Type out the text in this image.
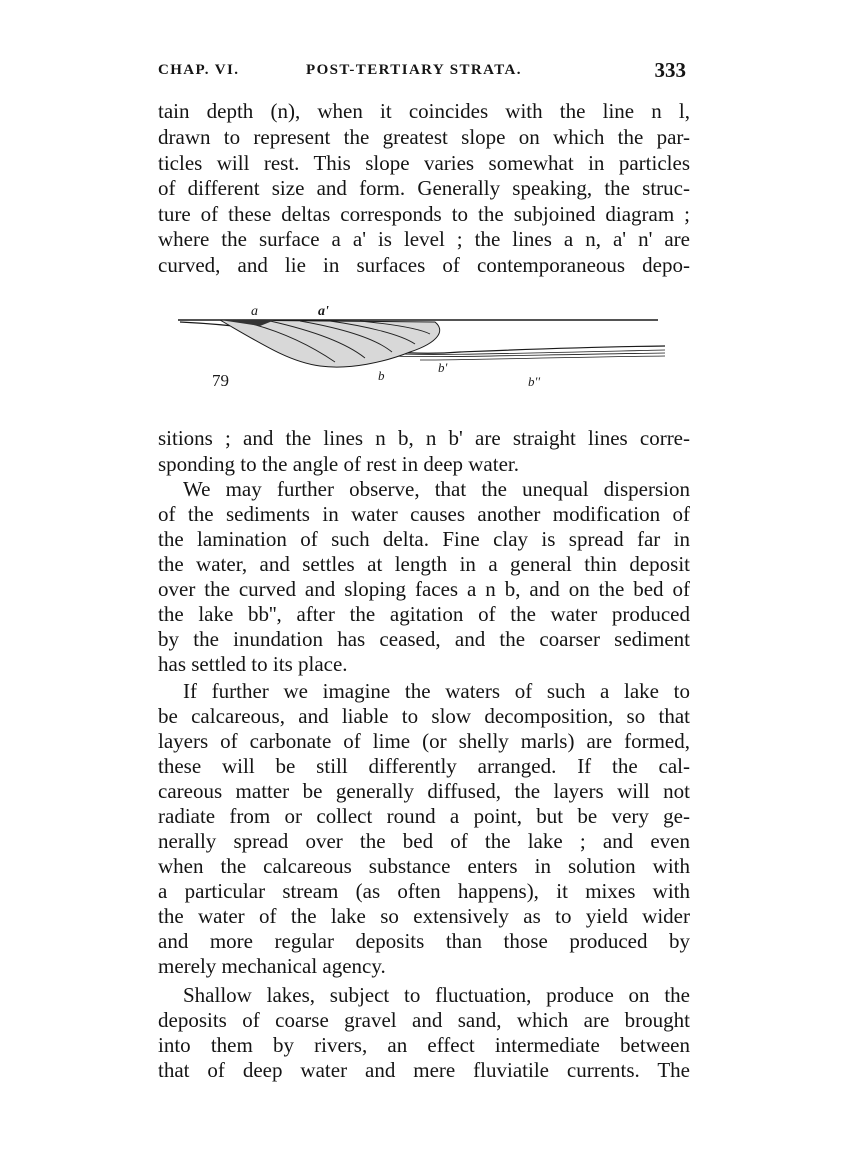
CHAP. VI.	POST-TERTIARY STRATA.	333
tain depth (n), when it coincides with the line n l,
drawn to represent the greatest slope on which the par-
ticles will rest. This slope varies somewhat in particles
of different size and form. Generally speaking, the struc-
ture of these deltas corresponds to the subjoined diagram ;
where the surface a a' is level ; the lines a n, a' n' are
curved, and lie in surfaces of contemporaneous depo-
a	a'
b
b'
b''
79
sitions ; and the lines n b, n b' are straight lines corre-
sponding to the angle of rest in deep water.
We may further observe, that the unequal dispersion
of the sediments in water causes another modification of
the lamination of such delta. Fine clay is spread far in
the water, and settles at length in a general thin deposit
over the curved and sloping faces a n b, and on the bed of
the lake bb'', after the agitation of the water produced
by the inundation has ceased, and the coarser sediment
has settled to its place.
If further we imagine the waters of such a lake to
be calcareous, and liable to slow decomposition, so that
layers of carbonate of lime (or shelly marls) are formed,
these will be still differently arranged. If the cal-
careous matter be generally diffused, the layers will not
radiate from or collect round a point, but be very ge-
nerally spread over the bed of the lake ; and even
when the calcareous substance enters in solution with
a particular stream (as often happens), it mixes with
the water of the lake so extensively as to yield wider
and more regular deposits than those produced by
merely mechanical agency.
Shallow lakes, subject to fluctuation, produce on the
deposits of coarse gravel and sand, which are brought
into them by rivers, an effect intermediate between
that of deep water and mere fluviatile currents. The
